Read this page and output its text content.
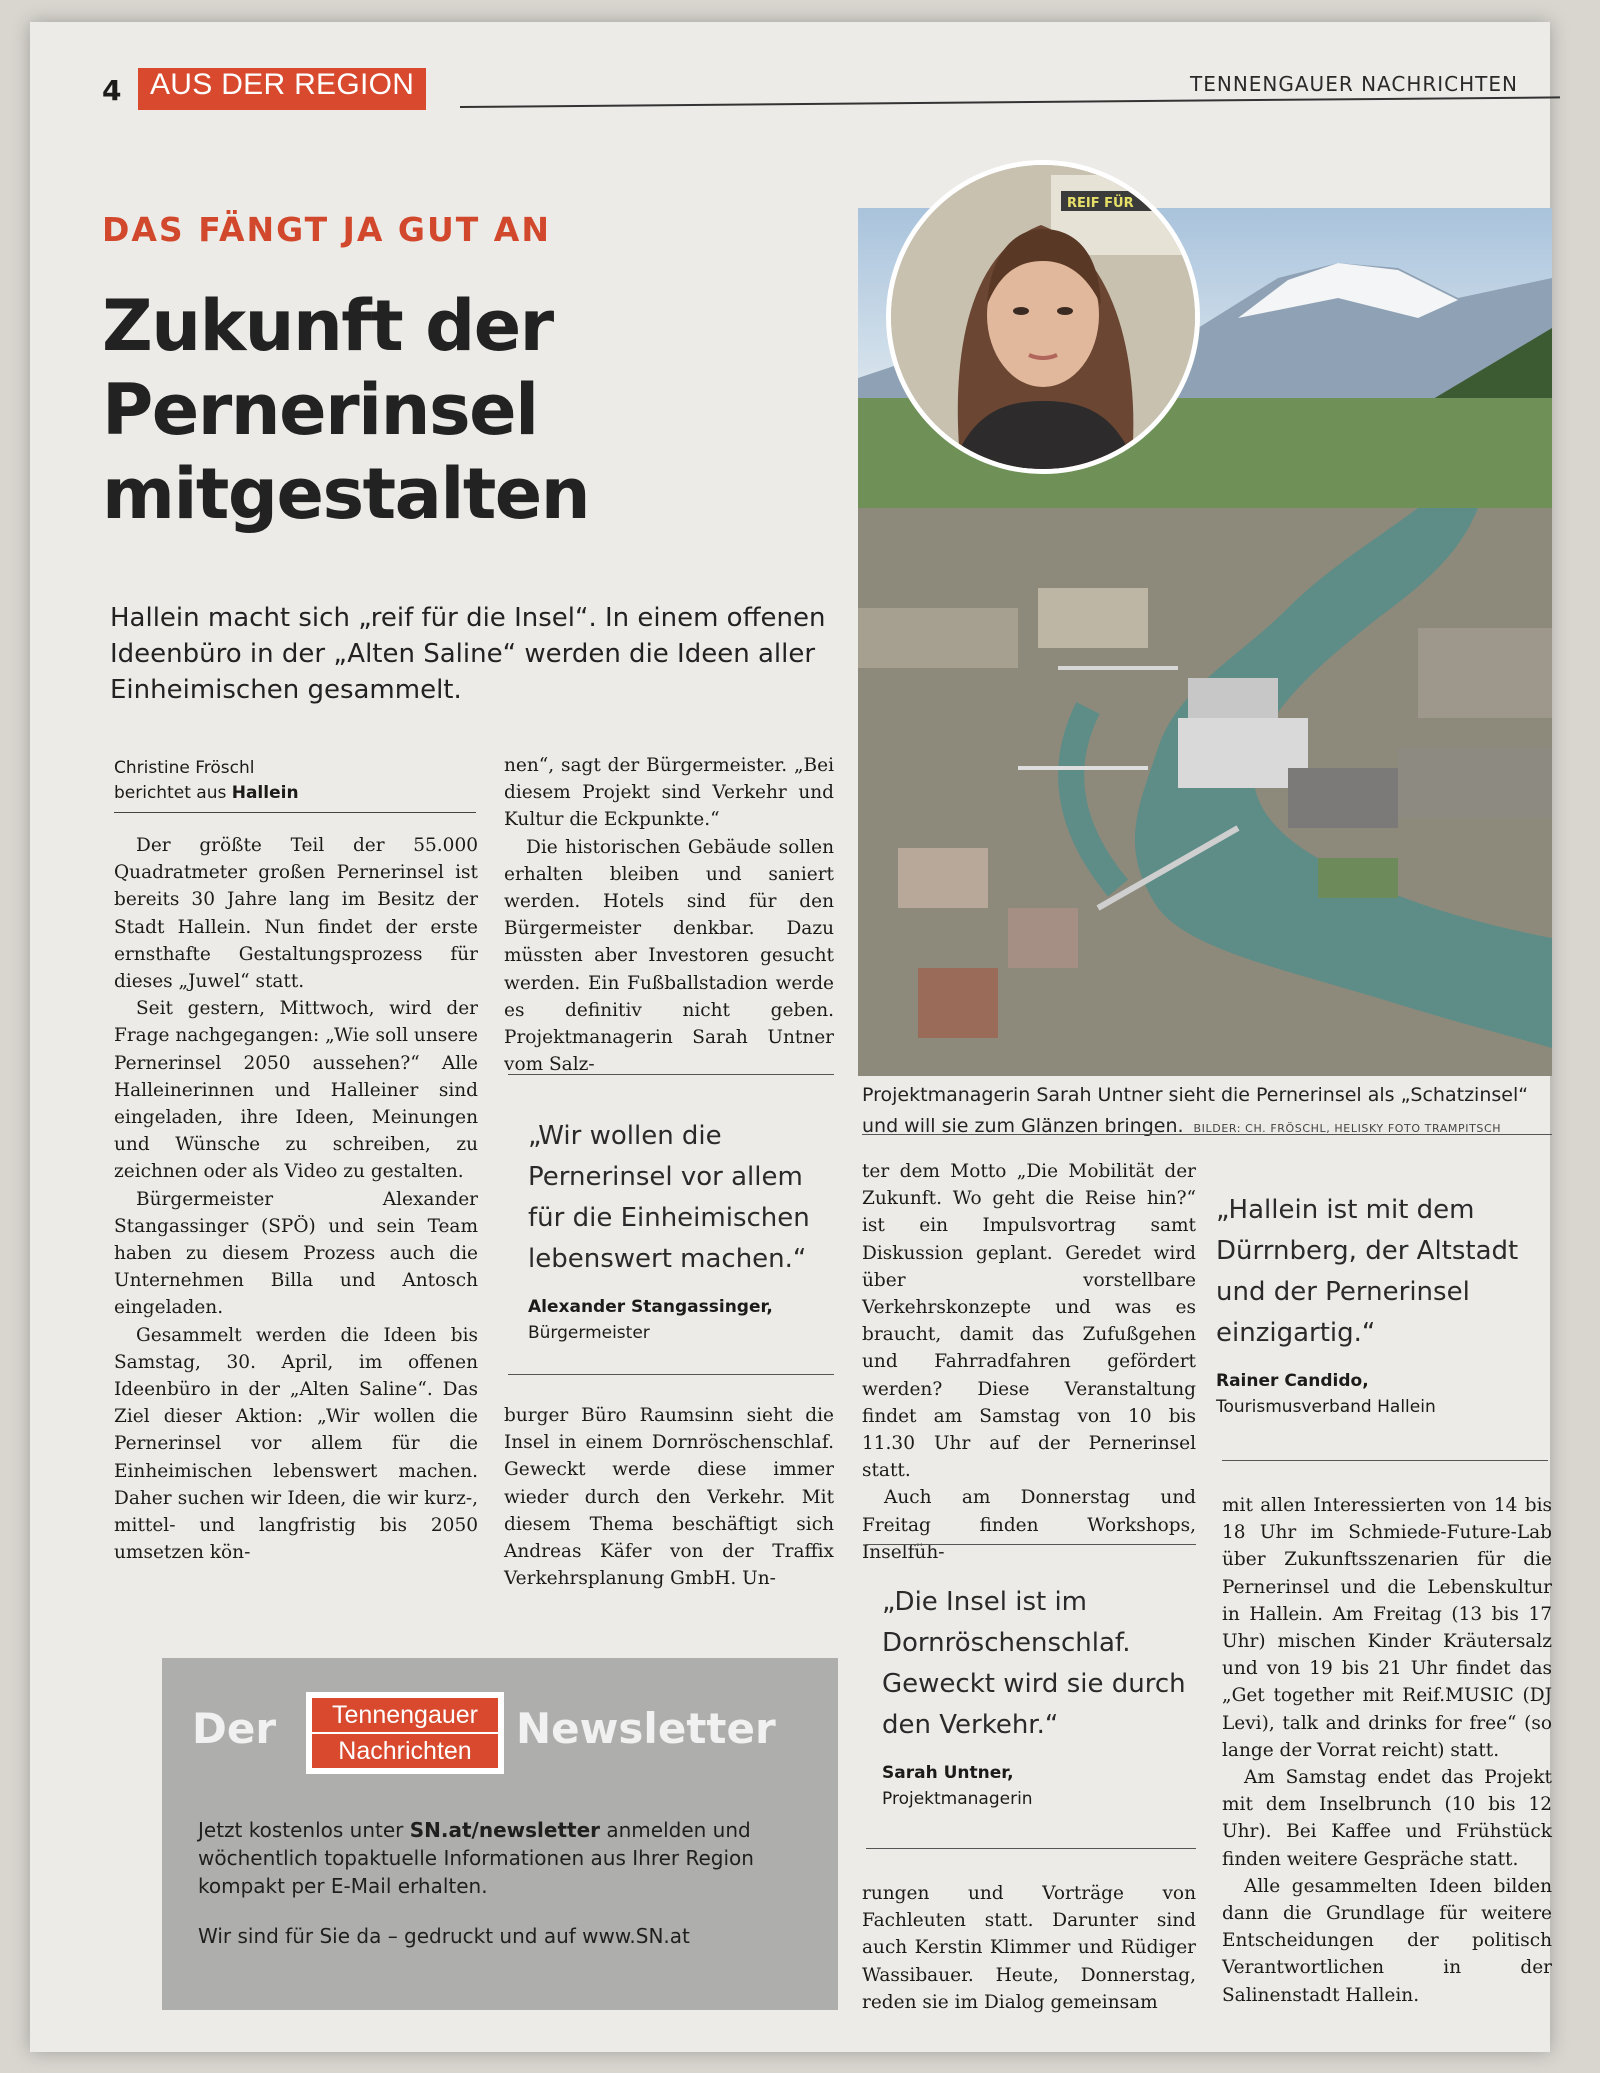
4 AUS DER REGION	TENNENGAUER NACHRICHTEN
DAS FÄNGT JA GUT AN
Zukunft der Pernerinsel mitgestalten
Hallein macht sich „reif für die Insel“. In einem offenen Ideenbüro in der „Alten Saline“ werden die Ideen aller Einheimischen gesammelt.
Christine Fröschl
berichtet aus Hallein

Der größte Teil der 55.000 Quadratmeter großen Pernerinsel ist bereits 30 Jahre lang im Besitz der Stadt Hallein. Nun findet der erste ernsthafte Gestaltungsprozess für dieses „Juwel“ statt.

Seit gestern, Mittwoch, wird der Frage nachgegangen: „Wie soll unsere Pernerinsel 2050 aussehen?“ Alle Halleinerinnen und Halleiner sind eingeladen, ihre Ideen, Meinungen und Wünsche zu schreiben, zu zeichnen oder als Video zu gestalten.

Bürgermeister Alexander Stangassinger (SPÖ) und sein Team haben zu diesem Prozess auch die Unternehmen Billa und Antosch eingeladen.

Gesammelt werden die Ideen bis Samstag, 30. April, im offenen Ideenbüro in der „Alten Saline“. Das Ziel dieser Aktion: „Wir wollen die Pernerinsel vor allem für die Einheimischen lebenswert machen. Daher suchen wir Ideen, die wir kurz-, mittel- und langfristig bis 2050 umsetzen kön-

nen“, sagt der Bürgermeister. „Bei diesem Projekt sind Verkehr und Kultur die Eckpunkte.“

Die historischen Gebäude sollen erhalten bleiben und saniert werden. Hotels sind für den Bürgermeister denkbar. Dazu müssten aber Investoren gesucht werden. Ein Fußballstadion werde es definitiv nicht geben. Projektmanagerin Sarah Untner vom Salz-

„Wir wollen die Pernerinsel vor allem für die Einheimischen lebenswert machen.“
Alexander Stangassinger,
Bürgermeister

burger Büro Raumsinn sieht die Insel in einem Dornröschenschlaf. Geweckt werde diese immer wieder durch den Verkehr. Mit diesem Thema beschäftigt sich Andreas Käfer von der Traffix Verkehrsplanung GmbH. Un-

REIF FÜR
Projektmanagerin Sarah Untner sieht die Pernerinsel als „Schatzinsel“ und will sie zum Glänzen bringen. BILDER: CH. FRÖSCHL, HELISKY FOTO TRAMPITSCH
„Hallein ist mit dem Dürrnberg, der Altstadt und der Pernerinsel einzigartig.“
Rainer Candido,
Tourismusverband Hallein

ter dem Motto „Die Mobilität der Zukunft. Wo geht die Reise hin?“ ist ein Impulsvortrag samt Diskussion geplant. Geredet wird über vorstellbare Verkehrskonzepte und was es braucht, damit das Zufußgehen und Fahrradfahren gefördert werden? Diese Veranstaltung findet am Samstag von 10 bis 11.30 Uhr auf der Pernerinsel statt.

Auch am Donnerstag und Freitag finden Workshops, Inselfüh-

„Die Insel ist im Dornröschenschlaf. Geweckt wird sie durch den Verkehr.“
Sarah Untner,
Projektmanagerin

rungen und Vorträge von Fachleuten statt. Darunter sind auch Kerstin Klimmer und Rüdiger Wassibauer. Heute, Donnerstag, reden sie im Dialog gemeinsam

mit allen Interessierten von 14 bis 18 Uhr im Schmiede-Future-Lab über Zukunftsszenarien für die Pernerinsel und die Lebenskultur in Hallein. Am Freitag (13 bis 17 Uhr) mischen Kinder Kräutersalz und von 19 bis 21 Uhr findet das „Get together mit Reif.MUSIC (DJ Levi), talk and drinks for free“ (so lange der Vorrat reicht) statt.

Am Samstag endet das Projekt mit dem Inselbrunch (10 bis 12 Uhr). Bei Kaffee und Frühstück finden weitere Gespräche statt.

Alle gesammelten Ideen bilden dann die Grundlage für weitere Entscheidungen der politisch Verantwortlichen in der Salinenstadt Hallein.

Der	Tennengauer
Nachrichten	Newsletter
Jetzt kostenlos unter SN.at/newsletter anmelden und wöchentlich topaktuelle Informationen aus Ihrer Region kompakt per E-Mail erhalten.
Wir sind für Sie da – gedruckt und auf www.SN.at
